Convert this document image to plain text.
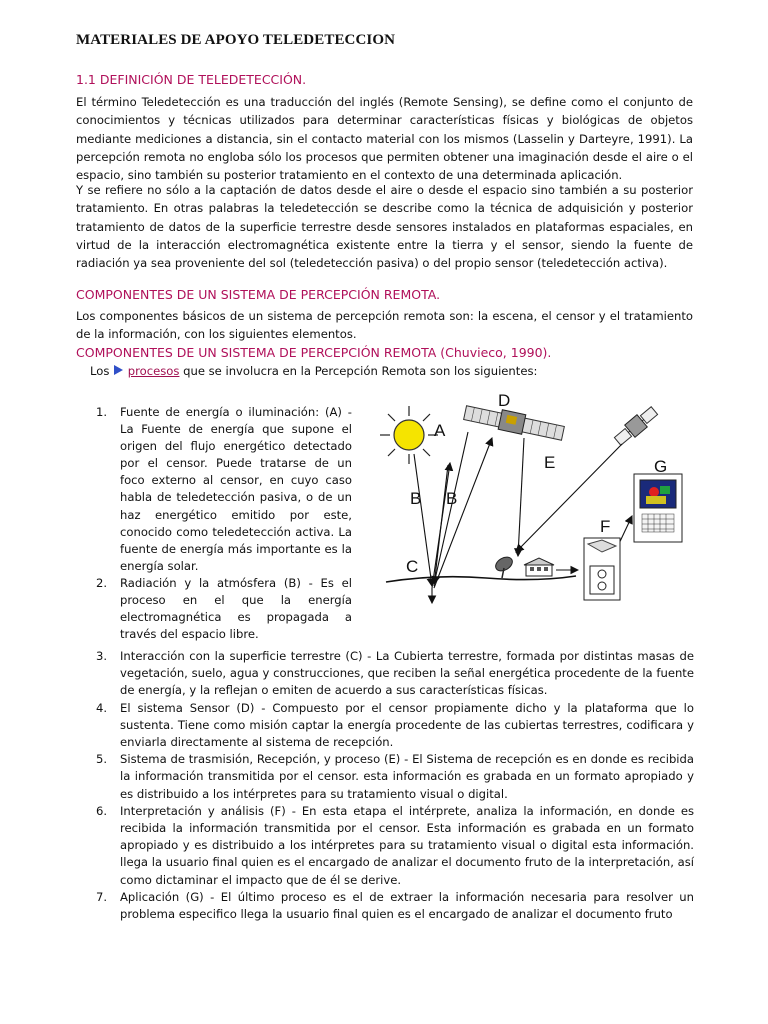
MATERIALES DE APOYO TELEDETECCION
1.1 DEFINICIÓN DE TELEDETECCIÓN.

El término Teledetección es una traducción del inglés (Remote Sensing), se define como el conjunto de conocimientos y técnicas utilizados para determinar características físicas y biológicas de objetos mediante mediciones a distancia, sin el contacto material con los mismos (Lasselin y Darteyre, 1991). La percepción remota no engloba sólo los procesos que permiten obtener una imaginación desde el aire o el espacio, sino también su posterior tratamiento en el contexto de una determinada aplicación.

Y se refiere no sólo a la captación de datos desde el aire o desde el espacio sino también a su posterior tratamiento. En otras palabras la teledetección se describe como la técnica de adquisición y posterior tratamiento de datos de la superficie terrestre desde sensores instalados en plataformas espaciales, en virtud de la interacción electromagnética existente entre la tierra y el sensor, siendo la fuente de radiación ya sea proveniente del sol (teledetección pasiva) o del propio sensor (teledetección activa).

COMPONENTES DE UN SISTEMA DE PERCEPCIÓN REMOTA.

Los componentes básicos de un sistema de percepción remota son: la escena, el censor y el tratamiento de la información, con los siguientes elementos.

COMPONENTES DE UN SISTEMA DE PERCEPCIÓN REMOTA (Chuvieco, 1990).
Los  procesos que se involucra en la Percepción Remota son los siguientes:
1.	Fuente de energía o iluminación: (A) - La Fuente de energía que supone el origen del flujo energético detectado por el censor. Puede tratarse de un foco externo al censor, en cuyo caso habla de teledetección pasiva, o de un haz energético emitido por este, conocido como teledetección activa. La fuente de energía más importante es la energía solar.
2.	Radiación y la atmósfera (B) - Es el proceso en el que la energía electromagnética es propagada a través del espacio libre.
3.	Interacción con la superficie terrestre (C) - La Cubierta terrestre, formada por distintas masas de vegetación, suelo, agua y construcciones, que reciben la señal energética procedente de la fuente de energía, y la reflejan o emiten de acuerdo a sus características físicas.
4.	El sistema Sensor (D) - Compuesto por el censor propiamente dicho y la plataforma que lo sustenta. Tiene como misión captar la energía procedente de las cubiertas terrestres, codificara y enviarla directamente al sistema de recepción.
5.	Sistema de trasmisión, Recepción, y proceso (E) - El Sistema de recepción es en donde es recibida la información transmitida por el censor. esta información es grabada en un formato apropiado y es distribuido a los intérpretes para su tratamiento visual o digital.
6.	Interpretación y análisis (F) - En esta etapa el intérprete, analiza la información, en donde es recibida la información transmitida por el censor. Esta información es grabada en un formato apropiado y es distribuido a los intérpretes para su tratamiento visual o digital esta información. llega la usuario final quien es el encargado de analizar el documento fruto de la interpretación, así como dictaminar el impacto que de él se derive.
7.	Aplicación (G) - El último proceso es el de extraer la información necesaria para resolver un problema especifico llega la usuario final quien es el encargado de analizar el documento fruto
A
B B
C
D
E
F
G
